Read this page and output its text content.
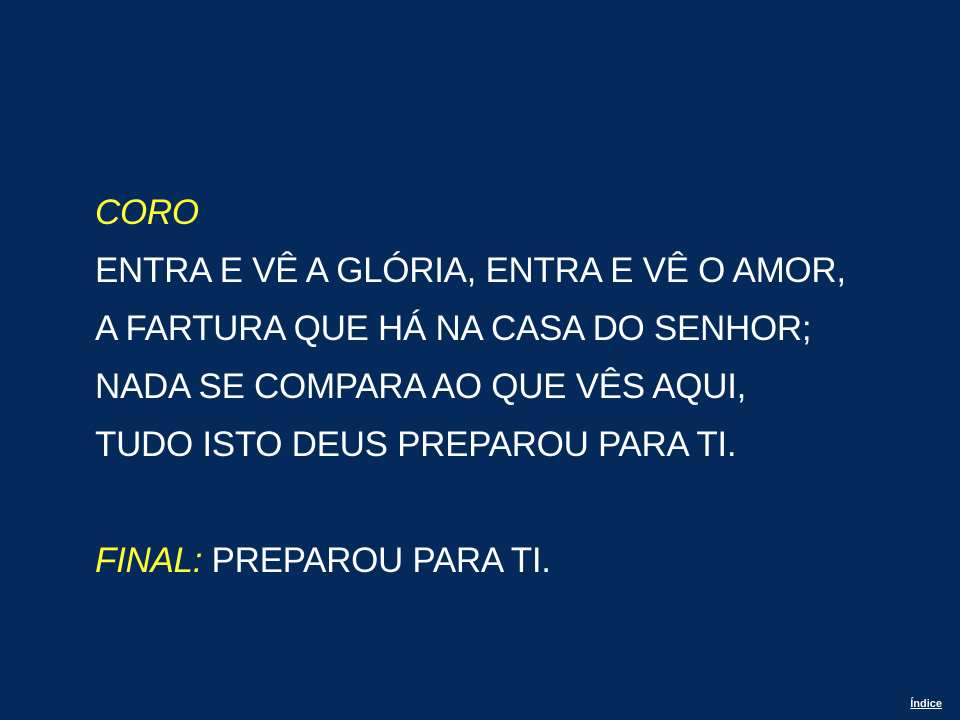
CORO
ENTRA E VÊ A GLÓRIA, ENTRA E VÊ O AMOR,
A FARTURA QUE HÁ NA CASA DO SENHOR;
NADA SE COMPARA AO QUE VÊS AQUI,
TUDO ISTO DEUS PREPAROU PARA TI.
FINAL: PREPAROU PARA TI.
Índice
